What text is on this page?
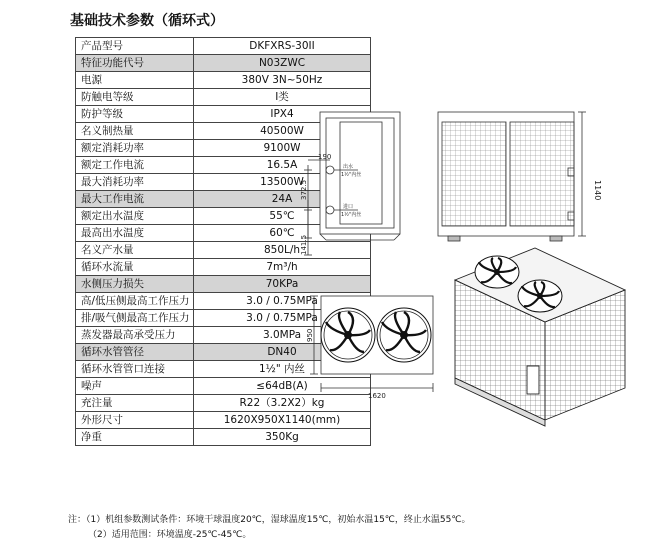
基础技术参数（循环式）
产品型号	DKFXRS-30II
特征功能代号	N03ZWC
电源	380V 3N~50Hz
防触电等级	I类
防护等级	IPX4
名义制热量	40500W
额定消耗功率	9100W
额定工作电流	16.5A
最大消耗功率	13500W
最大工作电流	24A
额定出水温度	55℃
最高出水温度	60℃
名义产水量	850L/h
循环水流量	7m³/h
水侧压力损失	70KPa
高/低压侧最高工作压力	3.0 / 0.75MPa
排/吸气侧最高工作压力	3.0 / 0.75MPa
蒸发器最高承受压力	3.0MPa
循环水管管径	DN40
循环水管管口连接	1½" 内丝
噪声	≤64dB(A)
充注量	R22（3.2X2）kg
外形尺寸	1620X950X1140(mm)
净重	350Kg
注：（1）机组参数测试条件：环境干球温度20℃，湿球温度15℃，初始水温15℃，终止水温55℃。
（2）适用范围：环境温度-25℃-45℃。
190
372.5
141.5
出水
1½"内丝
进口
1½"内丝
1140
950
1620
